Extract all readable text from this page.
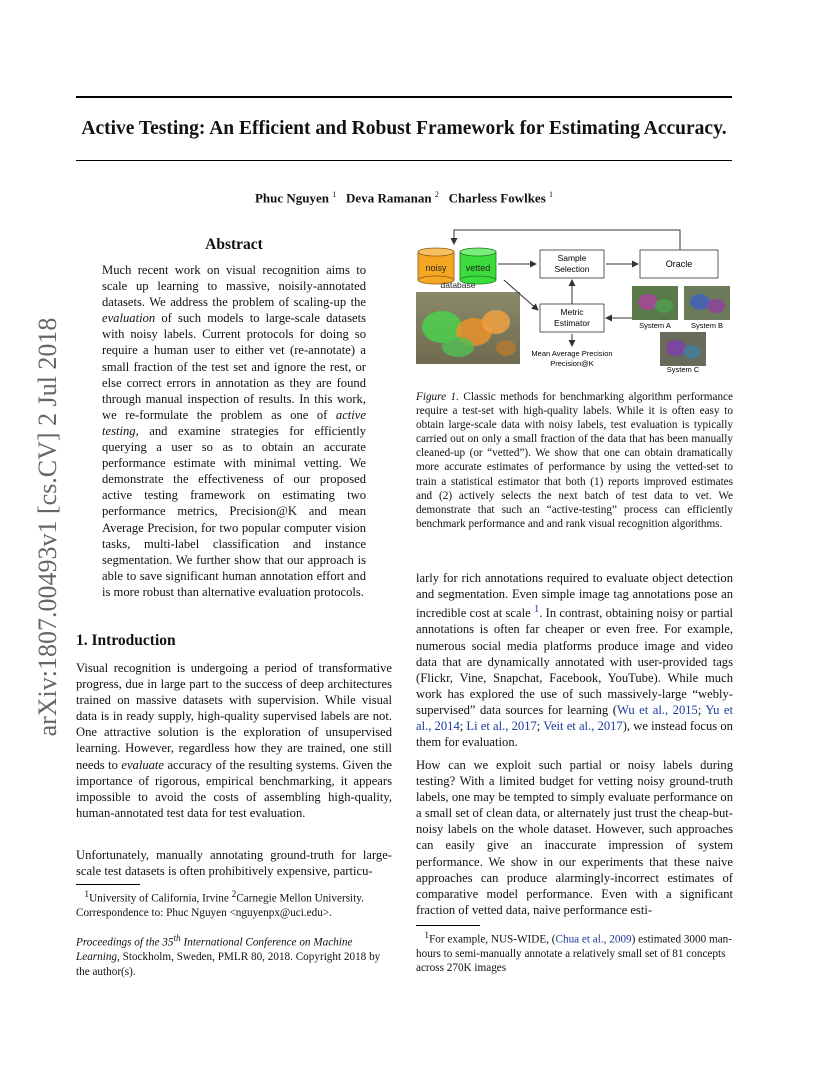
Active Testing: An Efficient and Robust Framework for Estimating Accuracy.
Phuc Nguyen $^1$ Deva Ramanan $^2$ Charless Fowlkes $^1$
arXiv:1807.00493v1 [cs.CV] 2 Jul 2018
Abstract
Much recent work on visual recognition aims to scale up learning to massive, noisily-annotated datasets. We address the problem of scaling-up the evaluation of such models to large-scale datasets with noisy labels. Current protocols for doing so require a human user to either vet (re-annotate) a small fraction of the test set and ignore the rest, or else correct errors in annotation as they are found through manual inspection of results. In this work, we re-formulate the problem as one of active testing, and examine strategies for efficiently querying a user so as to obtain an accurate performance estimate with minimal vetting. We demonstrate the effectiveness of our proposed active testing framework on estimating two performance metrics, Precision@K and mean Average Precision, for two popular computer vision tasks, multi-label classification and instance segmentation. We further show that our approach is able to save significant human annotation effort and is more robust than alternative evaluation protocols.
1. Introduction
Visual recognition is undergoing a period of transformative progress, due in large part to the success of deep architectures trained on massive datasets with supervision. While visual data is in ready supply, high-quality supervised labels are not. One attractive solution is the exploration of unsupervised learning. However, regardless how they are trained, one still needs to evaluate accuracy of the resulting systems. Given the importance of rigorous, empirical benchmarking, it appears impossible to avoid the costs of assembling high-quality, human-annotated test data for test evaluation.
Unfortunately, manually annotating ground-truth for large-scale test datasets is often prohibitively expensive, particu-
$^1$University of California, Irvine $^2$Carnegie Mellon University. Correspondence to: Phuc Nguyen <nguyenpx@uci.edu>.
Proceedings of the 35th International Conference on Machine Learning, Stockholm, Sweden, PMLR 80, 2018. Copyright 2018 by the author(s).
noisy vetted
database
Sample
Selection	Oracle
Metric
Estimator
Mean Average Precision
Precision@K
System A	System B
System C
Figure 1. Classic methods for benchmarking algorithm performance require a test-set with high-quality labels. While it is often easy to obtain large-scale data with noisy labels, test evaluation is typically carried out on only a small fraction of the data that has been manually cleaned-up (or “vetted”). We show that one can obtain dramatically more accurate estimates of performance by using the vetted-set to train a statistical estimator that both (1) reports improved estimates and (2) actively selects the next batch of test data to vet. We demonstrate that such an “active-testing” process can efficiently benchmark performance and and rank visual recognition algorithms.
larly for rich annotations required to evaluate object detection and segmentation. Even simple image tag annotations pose an incredible cost at scale $^1$. In contrast, obtaining noisy or partial annotations is often far cheaper or even free. For example, numerous social media platforms produce image and video data that are dynamically annotated with user-provided tags (Flickr, Vine, Snapchat, Facebook, YouTube). While much work has explored the use of such massively-large “webly-supervised” data sources for learning (Wu et al., 2015; Yu et al., 2014; Li et al., 2017; Veit et al., 2017), we instead focus on them for evaluation.
How can we exploit such partial or noisy labels during testing? With a limited budget for vetting noisy ground-truth labels, one may be tempted to simply evaluate performance on a small set of clean data, or alternately just trust the cheap-but-noisy labels on the whole dataset. However, such approaches can easily give an inaccurate impression of system performance. We show in our experiments that these naive approaches can produce alarmingly-incorrect estimates of comparative model performance. Even with a significant fraction of vetted data, naive performance esti-
$^1$For example, NUS-WIDE, (Chua et al., 2009) estimated 3000 man-hours to semi-manually annotate a relatively small set of 81 concepts across 270K images
